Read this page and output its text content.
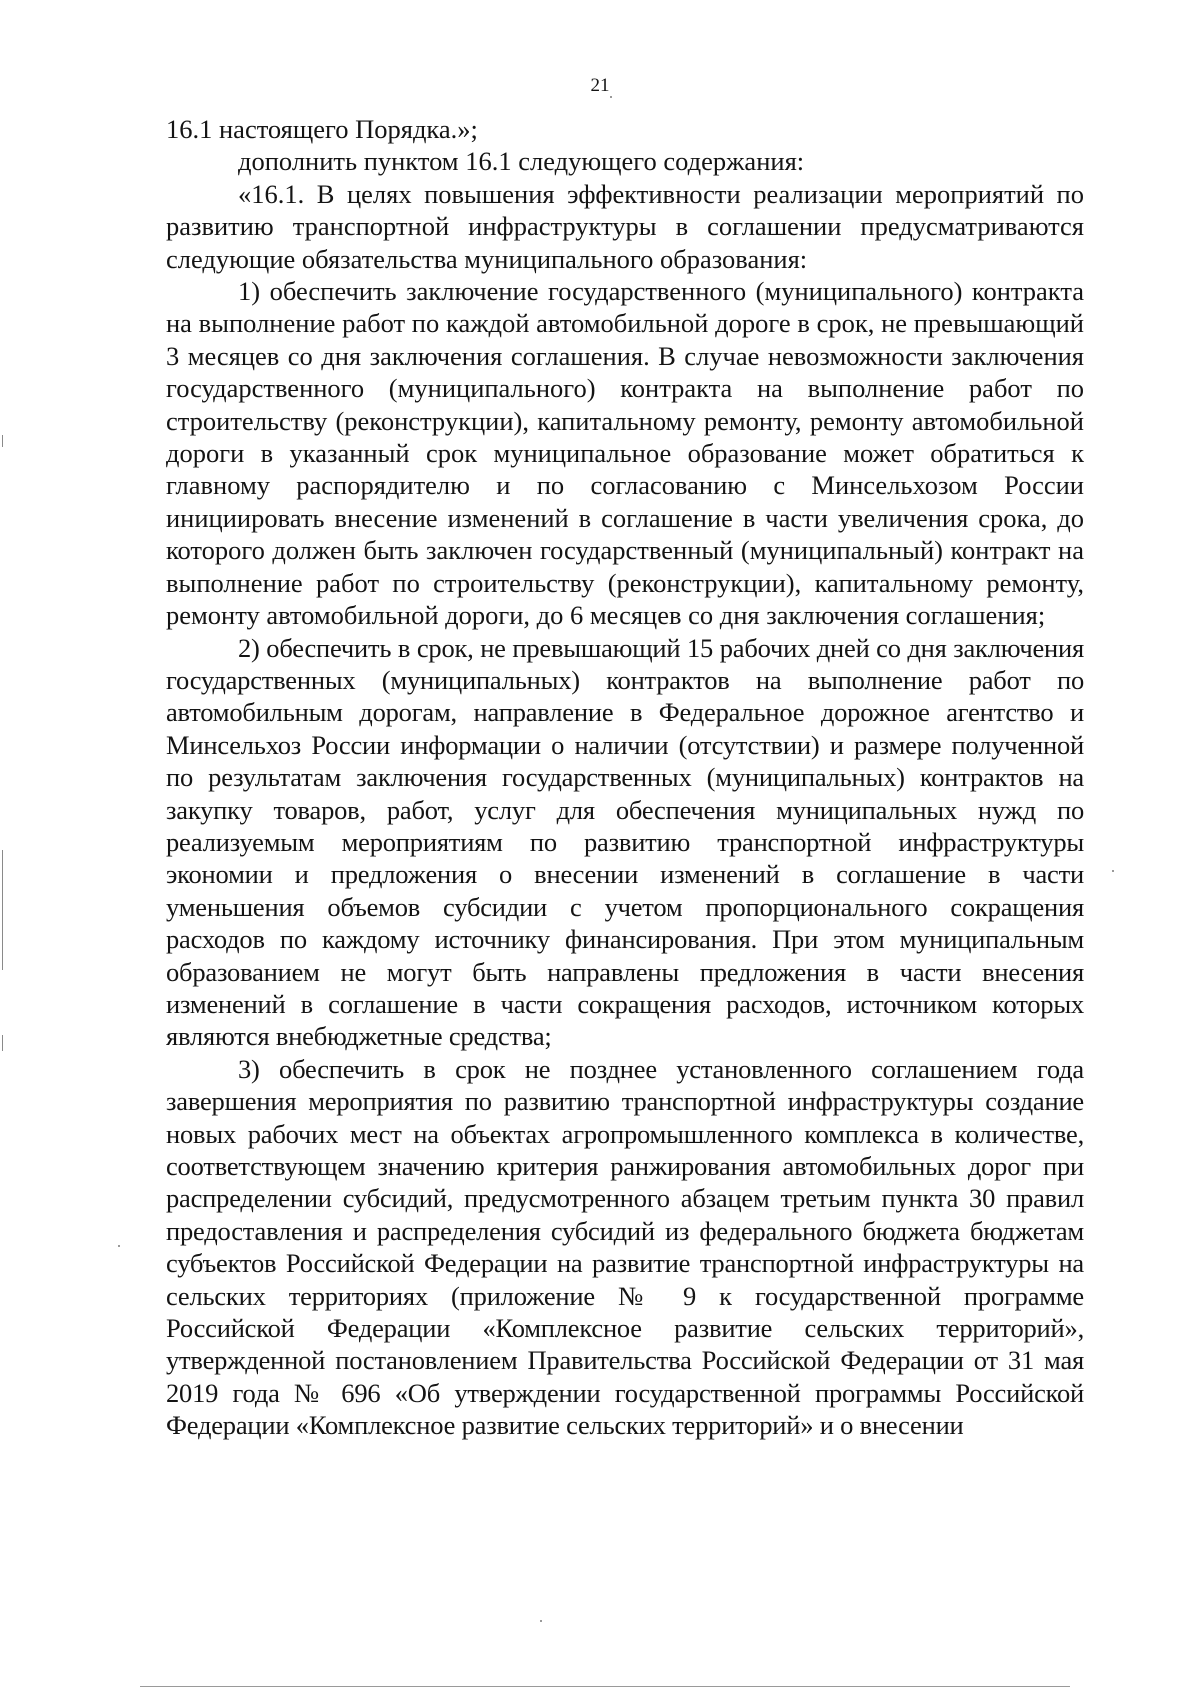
21

16.1 настоящего Порядка.»;

дополнить пунктом 16.1 следующего содержания:

«16.1. В целях повышения эффективности реализации мероприятий по развитию транспортной инфраструктуры в соглашении предусматриваются следующие обязательства муниципального образования:

1) обеспечить заключение государственного (муниципального) контракта на выполнение работ по каждой автомобильной дороге в срок, не превышающий 3 месяцев со дня заключения соглашения. В случае невозможности заключения государственного (муниципального) контракта на выполнение работ по строительству (реконструкции), капитальному ремонту, ремонту автомобильной дороги в указанный срок муниципальное образование может обратиться к главному распорядителю и по согласованию с Минсельхозом России инициировать внесение изменений в соглашение в части увеличения срока, до которого должен быть заключен государственный (муниципальный) контракт на выполнение работ по строительству (реконструкции), капитальному ремонту, ремонту автомобильной дороги, до 6 месяцев со дня заключения соглашения;

2) обеспечить в срок, не превышающий 15 рабочих дней со дня заключения государственных (муниципальных) контрактов на выполнение работ по автомобильным дорогам, направление в Федеральное дорожное агентство и Минсельхоз России информации о наличии (отсутствии) и размере полученной по результатам заключения государственных (муниципальных) контрактов на закупку товаров, работ, услуг для обеспечения муниципальных нужд по реализуемым мероприятиям по развитию транспортной инфраструктуры экономии и предложения о внесении изменений в соглашение в части уменьшения объемов субсидии с учетом пропорционального сокращения расходов по каждому источнику финансирования. При этом муниципальным образованием не могут быть направлены предложения в части внесения изменений в соглашение в части сокращения расходов, источником которых являются внебюджетные средства;

3) обеспечить в срок не позднее установленного соглашением года завершения мероприятия по развитию транспортной инфраструктуры создание новых рабочих мест на объектах агропромышленного комплекса в количестве, соответствующем значению критерия ранжирования автомобильных дорог при распределении субсидий, предусмотренного абзацем третьим пункта 30 правил предоставления и распределения субсидий из федерального бюджета бюджетам субъектов Российской Федерации на развитие транспортной инфраструктуры на сельских территориях (приложение № 9 к государственной программе Российской Федерации «Комплексное развитие сельских территорий», утвержденной постановлением Правительства Российской Федерации от 31 мая 2019 года № 696 «Об утверждении государственной программы Российской Федерации «Комплексное развитие сельских территорий» и о внесении
